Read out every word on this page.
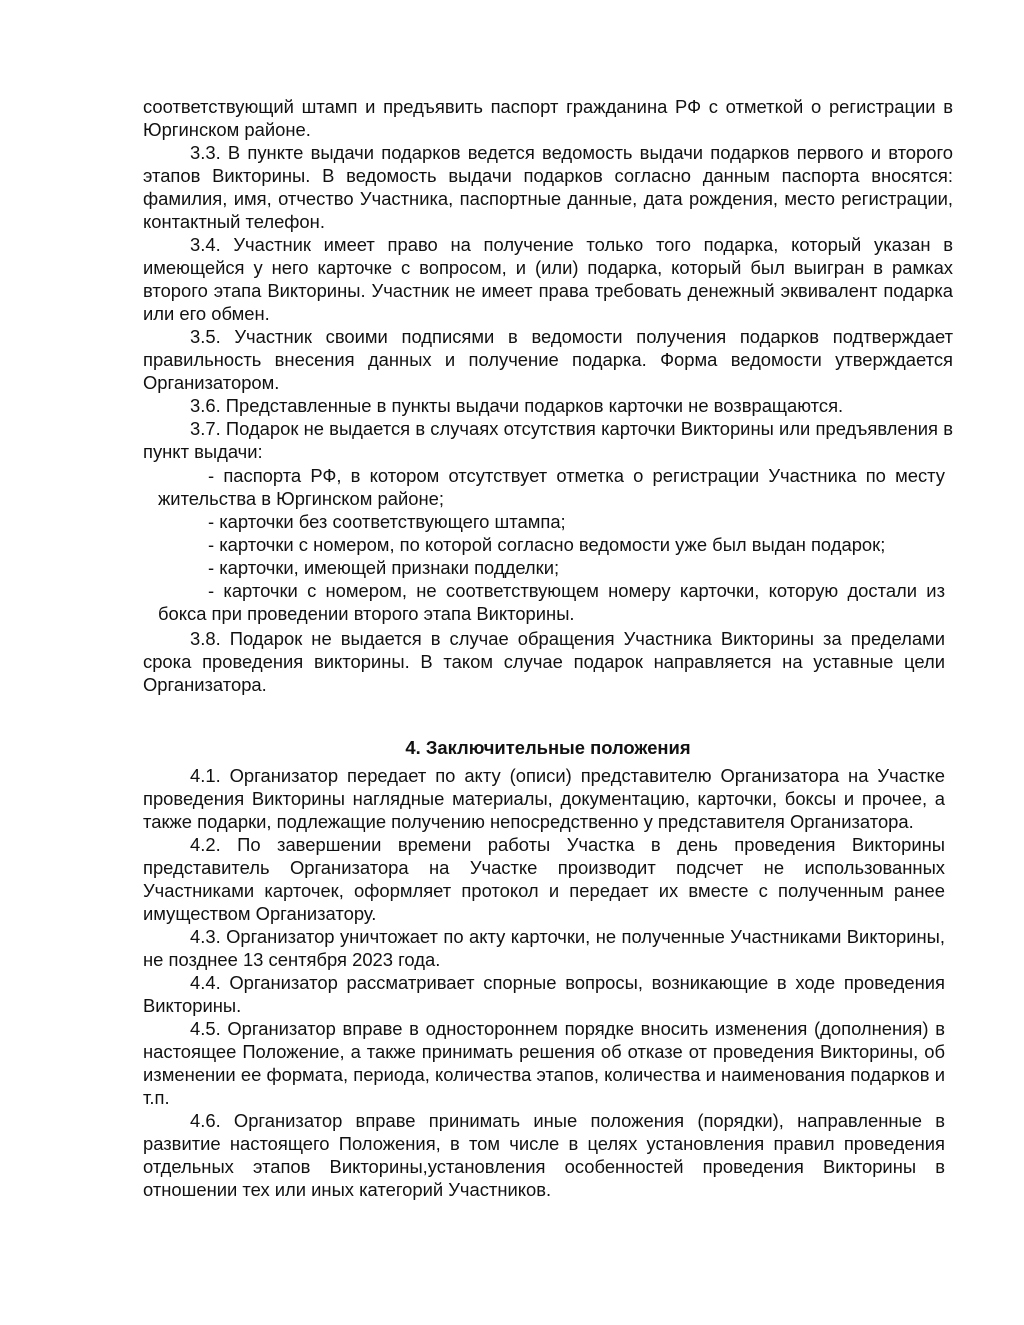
соответствующий штамп и предъявить паспорт гражданина РФ с отметкой о регистрации в Юргинском районе.

3.3. В пункте выдачи подарков ведется ведомость выдачи подарков первого и второго этапов Викторины. В ведомость выдачи подарков согласно данным паспорта вносятся: фамилия, имя, отчество Участника, паспортные данные, дата рождения, место регистрации, контактный телефон.

3.4. Участник имеет право на получение только того подарка, который указан в имеющейся у него карточке с вопросом, и (или) подарка, который был выигран в рамках второго этапа Викторины. Участник не имеет права требовать денежный эквивалент подарка или его обмен.

3.5. Участник своими подписями в ведомости получения подарков подтверждает правильность внесения данных и получение подарка. Форма ведомости утверждается Организатором.

3.6. Представленные в пункты выдачи подарков карточки не возвращаются.

3.7. Подарок не выдается в случаях отсутствия карточки Викторины или предъявления в пункт выдачи:

- паспорта РФ, в котором отсутствует отметка о регистрации Участника по месту жительства в Юргинском районе;

- карточки без соответствующего штампа;

- карточки с номером, по которой согласно ведомости уже был выдан подарок;

- карточки, имеющей признаки подделки;

- карточки с номером, не соответствующем номеру карточки, которую достали из бокса при проведении второго этапа Викторины.

3.8. Подарок не выдается в случае обращения Участника Викторины за пределами срока проведения викторины. В таком случае подарок направляется на уставные цели Организатора.

4. Заключительные положения

4.1. Организатор передает по акту (описи) представителю Организатора на Участке проведения Викторины наглядные материалы, документацию, карточки, боксы и прочее, а также подарки, подлежащие получению непосредственно у представителя Организатора.

4.2. По завершении времени работы Участка в день проведения Викторины представитель Организатора на Участке производит подсчет не использованных Участниками карточек, оформляет протокол и передает их вместе с полученным ранее имуществом Организатору.

4.3. Организатор уничтожает по акту карточки, не полученные Участниками Викторины, не позднее 13 сентября 2023 года.

4.4. Организатор рассматривает спорные вопросы, возникающие в ходе проведения Викторины.

4.5. Организатор вправе в одностороннем порядке вносить изменения (дополнения) в настоящее Положение, а также принимать решения об отказе от проведения Викторины, об изменении ее формата, периода, количества этапов, количества и наименования подарков и т.п.

4.6. Организатор вправе принимать иные положения (порядки), направленные в развитие настоящего Положения, в том числе в целях установления правил проведения отдельных этапов Викторины,установления особенностей проведения Викторины в отношении тех или иных категорий Участников.
